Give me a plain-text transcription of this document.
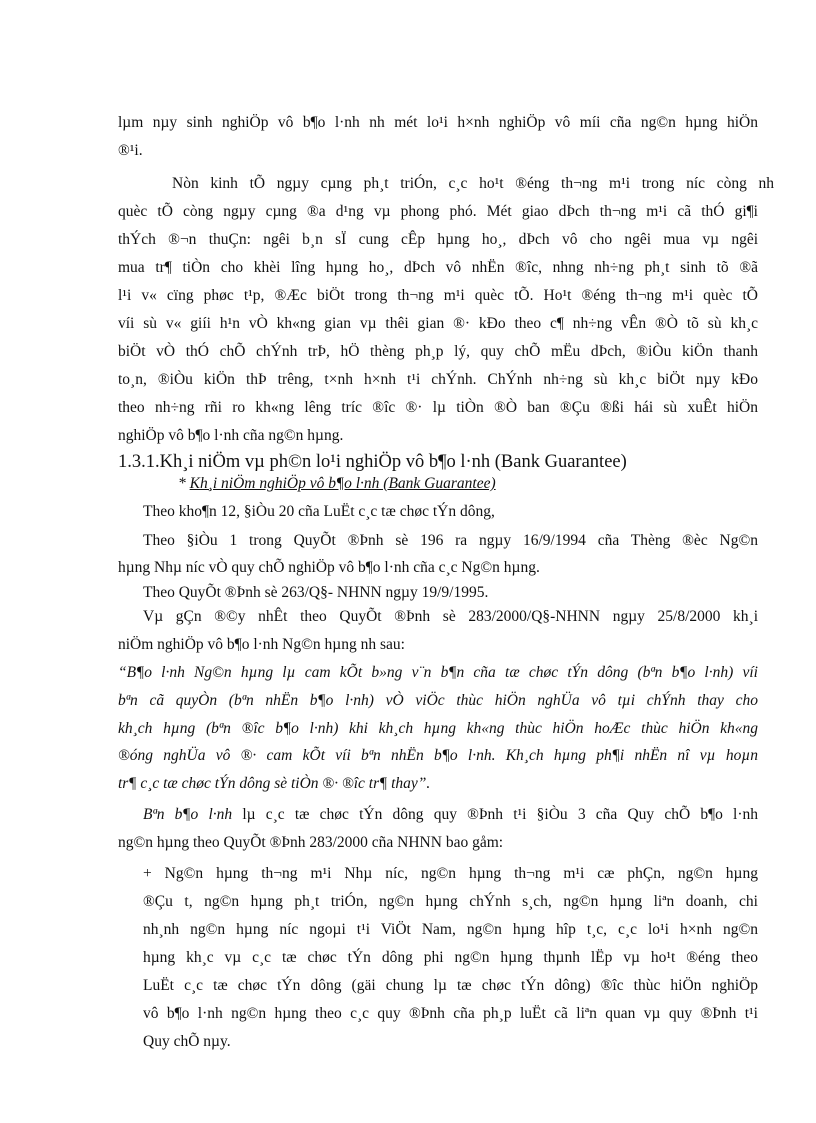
lµm nµy sinh nghiÖp vô b¶o l·nh nh mét lo¹i h×nh nghiÖp vô míi cña ng©n hµng hiÖn
®¹i.
Nòn kinh tÕ ngµy cµng ph¸t triÓn, c¸c ho¹t ®éng th¬ng m¹i trong níc còng nh
quèc tÕ còng ngµy cµng ®a d¹ng vµ phong phó. Mét giao dÞch th¬ng m¹i cã thÓ gi¶i
thÝch ®¬n thuÇn: ngêi b¸n sÏ cung cÊp hµng ho¸, dÞch vô cho ngêi mua vµ ngêi
mua tr¶ tiÒn cho khèi lîng hµng ho¸, dÞch vô nhËn ®îc, nhng nh÷ng ph¸t sinh tõ ®ã
l¹i v« cïng phøc t¹p, ®Æc biÖt trong th¬ng m¹i quèc tÕ. Ho¹t ®éng th¬ng m¹i quèc tÕ
víi sù v« giíi h¹n vÒ kh«ng gian vµ thêi gian ®· kÐo theo c¶ nh÷ng vÊn ®Ò tõ sù kh¸c
biÖt vÒ thÓ chÕ chÝnh trÞ, hÖ thèng ph¸p lý, quy chÕ mËu dÞch, ®iÒu kiÖn thanh
to¸n, ®iÒu kiÖn thÞ trêng, t×nh h×nh t¹i chÝnh. ChÝnh nh÷ng sù kh¸c biÖt nµy kÐo
theo nh÷ng rñi ro kh«ng lêng tríc ®îc ®· lµ tiÒn ®Ò ban ®Çu ®ßi hái sù xuÊt hiÖn
nghiÖp vô b¶o l·nh cña ng©n hµng.
1.3.1.Kh¸i niÖm vµ ph©n lo¹i nghiÖp vô b¶o l·nh (Bank Guarantee)
* Kh¸i niÖm nghiÖp vô b¶o l·nh (Bank Guarantee)
Theo kho¶n 12, §iÒu 20 cña LuËt c¸c tæ chøc tÝn dông,
Theo §iÒu 1 trong QuyÕt ®Þnh sè 196 ra ngµy 16/9/1994 cña Thèng ®èc Ng©n
hµng Nhµ níc vÒ quy chÕ nghiÖp vô b¶o l·nh cña c¸c Ng©n hµng.
Theo QuyÕt ®Þnh sè 263/Q§- NHNN ngµy 19/9/1995.
Vµ gÇn ®©y nhÊt theo QuyÕt ®Þnh sè 283/2000/Q§-NHNN ngµy 25/8/2000 kh¸i
niÖm nghiÖp vô b¶o l·nh Ng©n hµng nh sau:
“B¶o l·nh Ng©n hµng lµ cam kÕt b»ng v¨n b¶n cña tæ chøc tÝn dông (bªn b¶o l·nh) víi
bªn cã quyÒn (bªn nhËn b¶o l·nh) vÒ viÖc thùc hiÖn nghÜa vô tµi chÝnh thay cho
kh¸ch hµng (bªn ®îc b¶o l·nh) khi kh¸ch hµng kh«ng thùc hiÖn hoÆc thùc hiÖn kh«ng
®óng nghÜa vô ®· cam kÕt víi bªn nhËn b¶o l·nh. Kh¸ch hµng ph¶i nhËn nî vµ hoµn
tr¶ c¸c tæ chøc tÝn dông sè tiÒn ®· ®îc tr¶ thay”.
Bªn b¶o l·nh lµ c¸c tæ chøc tÝn dông quy ®Þnh t¹i §iÒu 3 cña Quy chÕ b¶o l·nh
ng©n hµng theo QuyÕt ®Þnh 283/2000 cña NHNN bao gåm:
+ Ng©n hµng th¬ng m¹i Nhµ níc, ng©n hµng th¬ng m¹i cæ phÇn, ng©n hµng
®Çu t, ng©n hµng ph¸t triÓn, ng©n hµng chÝnh s¸ch, ng©n hµng liªn doanh, chi
nh¸nh ng©n hµng níc ngoµi t¹i ViÖt Nam, ng©n hµng hîp t¸c, c¸c lo¹i h×nh ng©n
hµng kh¸c vµ c¸c tæ chøc tÝn dông phi ng©n hµng thµnh lËp vµ ho¹t ®éng theo
LuËt c¸c tæ chøc tÝn dông (gäi chung lµ tæ chøc tÝn dông) ®îc thùc hiÖn nghiÖp
vô b¶o l·nh ng©n hµng theo c¸c quy ®Þnh cña ph¸p luËt cã liªn quan vµ quy ®Þnh t¹i
Quy chÕ nµy.
